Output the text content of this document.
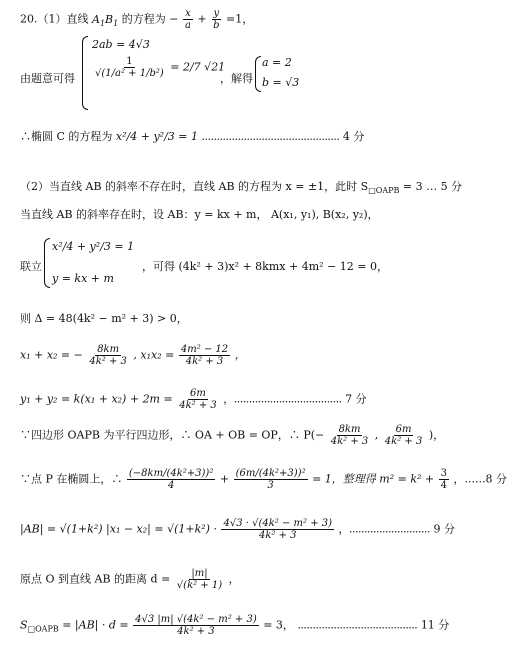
20.（1）直线 $A_1B_1$ 的方程为 − $\frac{x}{a} + \frac{y}{b} =1$，
由题意可得
2ab = 4√3
$\frac{1}{\text{√(1/a² + 1/b²)}} = 2/7$ √21
，解得
a = 2
b = √3
∴椭圆 C 的方程为 x²/4 + y²/3 = 1 .............................................. 4 分
（2）当直线 AB 的斜率不存在时，直线 AB 的方程为 x = ±1，此时 $S_{□OAPB} = 3$ … 5 分
当直线 AB 的斜率存在时，设 AB：y = kx + m， A(x₁, y₁), B(x₂, y₂)，
联立
x²/4 + y²/3 = 1
y = kx + m
，可得 (4k² + 3)x² + 8kmx + 4m² − 12 = 0，
则 Δ = 48(4k² − m² + 3) > 0，
x₁ + x₂ = − $\frac{8km}{\text{4k² + 3}}$ , $x_1x_2 = \frac{\text{4m² − 12}}{\text{4k² + 3}}$ ，
$y_1 + y_2 = k(x_1 + x_2) + 2m = \frac{6m}{\text{4k² + 3}}$ ，.................................... 7 分
∵四边形 OAPB 为平行四边形，∴ OA + OB = OP，∴ $P(- \frac{8km}{\text{4k² + 3}}$ , $\frac{6m}{\text{4k² + 3}}$ )，
∵点 P 在椭圆上，∴ $\frac{\text{(−8km/(4k²+3))²}}{4} + \frac{\text{(6m/(4k²+3))²}}{3} = 1$，整理得 $m^2 = k^2 + \frac{3}{4}$ ，......8 分
|AB| = √(1+k²) $|x_1 - x_2| = √(1+k^2) \cdot \frac{\text{4√3 · √(4k² − m² + 3)}}{\text{4k² + 3}}$ ，........................... 9 分
原点 O 到直线 AB 的距离 $d = \frac{|m|}{\text{√(k² + 1)}}$ ，
$S_{□OAPB} = |AB| \cdot d = \frac{\text{4√3 |m| √(4k² − m² + 3)}}{\text{4k² + 3}} = 3$， ........................................ 11 分
